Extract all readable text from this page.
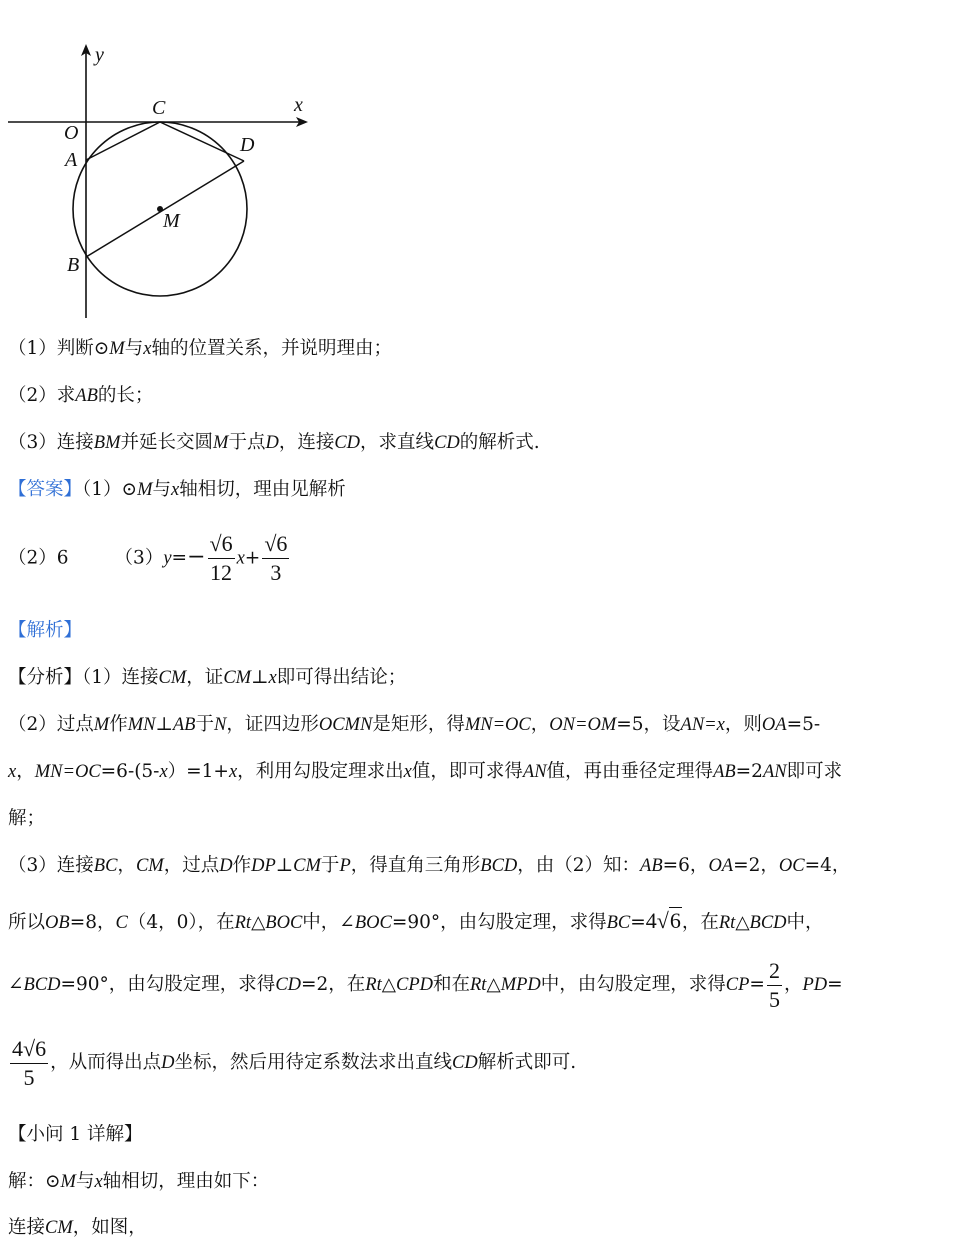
y
x
O
C
A
D
M
B
（1）判断⊙M与x轴的位置关系，并说明理由；
（2）求AB的长；
（3）连接BM并延长交圆M于点D，连接CD，求直线CD的解析式.
【答案】（1）⊙M与x轴相切，理由见解析
（2）6 $(3)y=- \frac{√6}{12} x+ \frac{√6}{3}$
【解析】
【分析】（1）连接CM，证CM⊥x即可得出结论；
（2）过点M作MN⊥AB于N，证四边形OCMN是矩形，得MN=OC，ON=OM=5，设AN=x，则OA=5-
x，MN=OC=6-(5-x）=1+x，利用勾股定理求出x值，即可求得AN值，再由垂径定理得AB=2AN即可求
解；
（3）连接BC，CM，过点D作DP⊥CM于P，得直角三角形BCD，由（2）知：AB=6，OA=2，OC=4，
所以OB=8，C（4，0），在Rt△BOC中，∠BOC=90°，由勾股定理，求得BC=4√6，在Rt△BCD中，
∠BCD=90°，由勾股定理，求得CD=2，在Rt△CPD和在Rt△MPD中，由勾股定理，求得$CP= \frac{2}{5}$ ，PD=
$\frac{4√6}{5}$ ，从而得出点D坐标，然后用待定系数法求出直线CD解析式即可.
【小问 1 详解】
解：⊙M与x轴相切，理由如下：
连接CM，如图，
